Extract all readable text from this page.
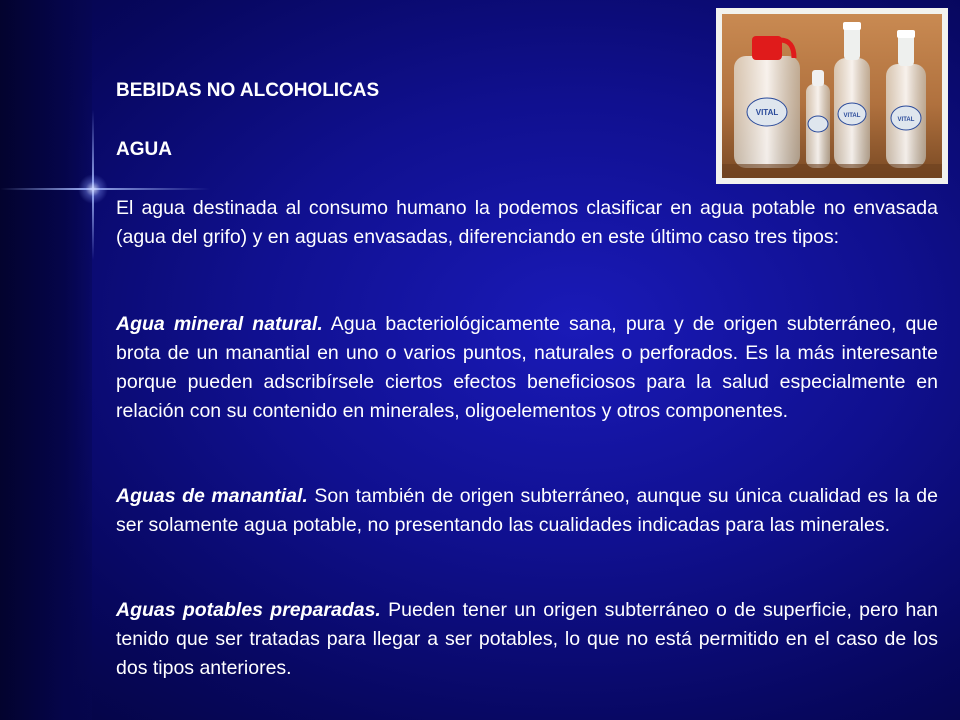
VITAL	VITAL
VITAL

BEBIDAS NO ALCOHOLICAS

AGUA

El agua destinada al consumo humano la podemos clasificar en agua potable no envasada (agua del grifo) y en aguas envasadas, diferenciando en este último caso tres tipos:

Agua mineral natural. Agua bacteriológicamente sana, pura y de origen subterráneo, que brota de un manantial en uno o varios puntos, naturales o perforados. Es la más interesante porque pueden adscribírsele ciertos efectos beneficiosos para la salud especialmente en relación con su contenido en minerales, oligoelementos y otros componentes.

Aguas de manantial. Son también de origen subterráneo, aunque su única cualidad es la de ser solamente agua potable, no presentando las cualidades indicadas para las minerales.

Aguas potables preparadas. Pueden tener un origen subterráneo o de superficie, pero han tenido que ser tratadas para llegar a ser potables, lo que no está permitido en el caso de los dos tipos anteriores.
